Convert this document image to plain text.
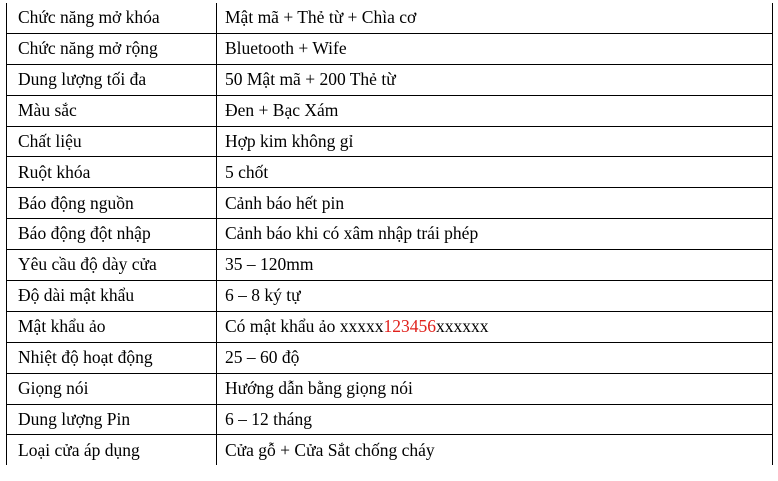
Chức năng mở khóa	Mật mã + Thẻ từ + Chìa cơ
Chức năng mở rộng	Bluetooth + Wife
Dung lượng tối đa	50 Mật mã + 200 Thẻ từ
Màu sắc	Đen + Bạc Xám
Chất liệu	Hợp kim không gỉ
Ruột khóa	5 chốt
Báo động nguồn	Cảnh báo hết pin
Báo động đột nhập	Cảnh báo khi có xâm nhập trái phép
Yêu cầu độ dày cửa	35 – 120mm
Độ dài mật khẩu	6 – 8 ký tự
Mật khẩu ảo	Có mật khẩu ảo xxxxx123456xxxxxx
Nhiệt độ hoạt động	25 – 60 độ
Giọng nói	Hướng dẫn bằng giọng nói
Dung lượng Pin	6 – 12 tháng
Loại cửa áp dụng	Cửa gỗ + Cửa Sắt chống cháy
